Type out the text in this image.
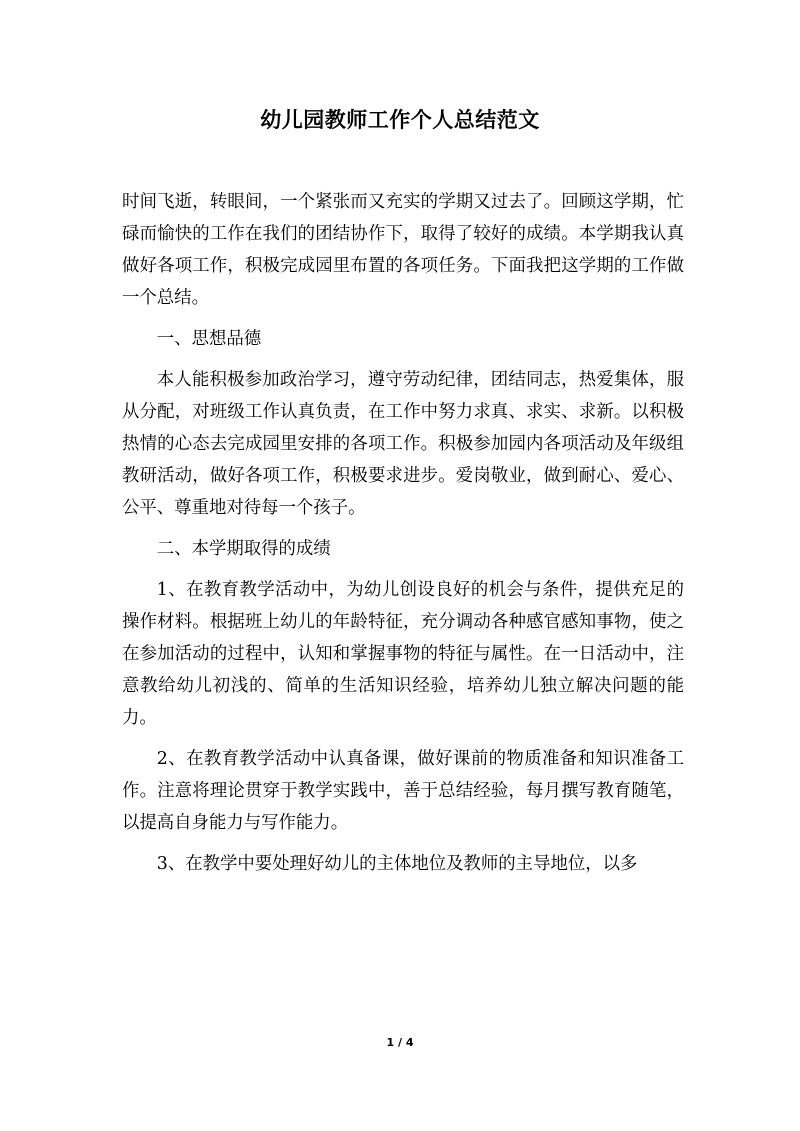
幼儿园教师工作个人总结范文

时间飞逝，转眼间，一个紧张而又充实的学期又过去了。回顾这学期，忙碌而愉快的工作在我们的团结协作下，取得了较好的成绩。本学期我认真做好各项工作，积极完成园里布置的各项任务。下面我把这学期的工作做一个总结。

一、思想品德

本人能积极参加政治学习，遵守劳动纪律，团结同志，热爱集体，服从分配，对班级工作认真负责，在工作中努力求真、求实、求新。以积极热情的心态去完成园里安排的各项工作。积极参加园内各项活动及年级组教研活动，做好各项工作，积极要求进步。爱岗敬业，做到耐心、爱心、公平、尊重地对待每一个孩子。

二、本学期取得的成绩

1、在教育教学活动中，为幼儿创设良好的机会与条件，提供充足的操作材料。根据班上幼儿的年龄特征，充分调动各种感官感知事物，使之在参加活动的过程中，认知和掌握事物的特征与属性。在一日活动中，注意教给幼儿初浅的、简单的生活知识经验，培养幼儿独立解决问题的能力。

2、在教育教学活动中认真备课，做好课前的物质准备和知识准备工作。注意将理论贯穿于教学实践中，善于总结经验，每月撰写教育随笔，以提高自身能力与写作能力。

3、在教学中要处理好幼儿的主体地位及教师的主导地位，以多

1 / 4
